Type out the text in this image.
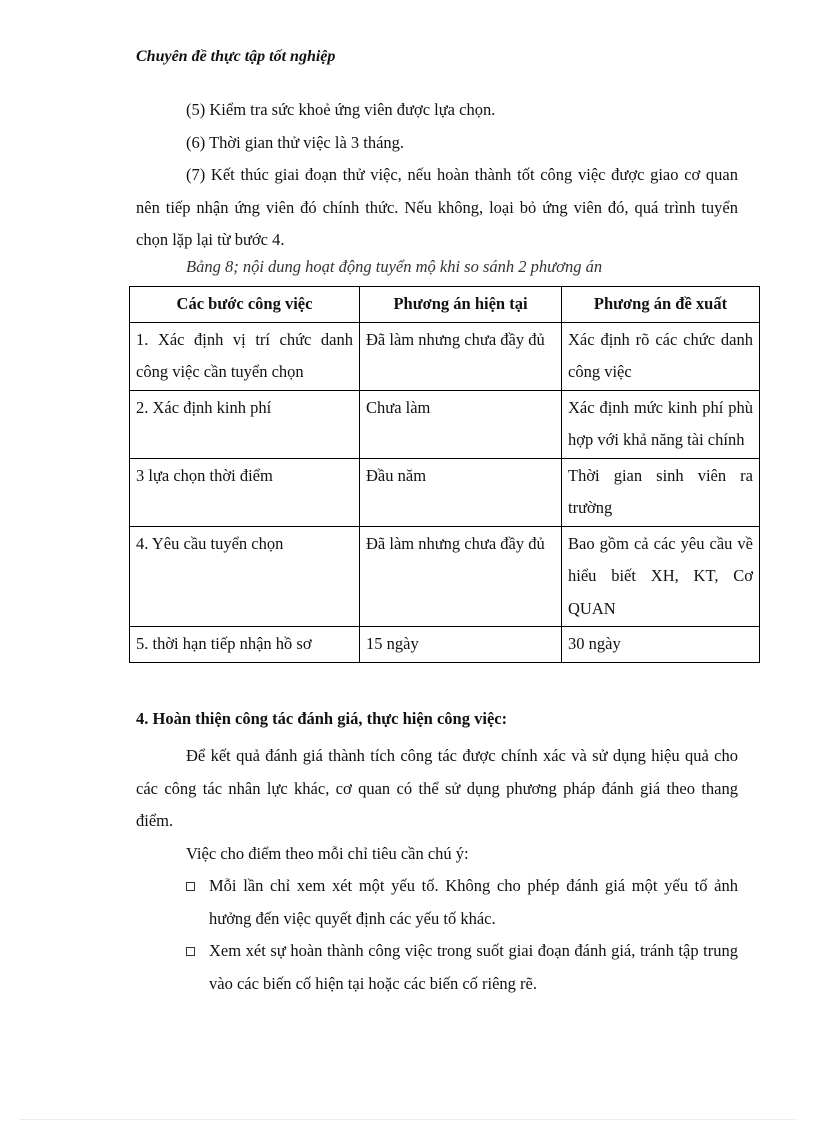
Chuyên đề thực tập tốt nghiệp

(5) Kiểm tra sức khoẻ ứng viên được lựa chọn.

(6) Thời gian thử việc là 3 tháng.

(7) Kết thúc giai đoạn thử việc, nếu hoàn thành tốt công việc được giao cơ quan nên tiếp nhận ứng viên đó chính thức. Nếu không, loại bỏ ứng viên đó, quá trình tuyển chọn lặp lại từ bước 4.

Bảng 8; nội dung hoạt động tuyển mộ khi so sánh 2 phương án
Các bước công việc	Phương án hiện tại	Phương án đề xuất
1. Xác định vị trí chức danh công việc cần tuyển chọn	Đã làm nhưng chưa đầy đủ	Xác định rõ các chức danh công việc
2. Xác định kinh phí	Chưa làm	Xác định mức kinh phí phù hợp với khả năng tài chính
3 lựa chọn thời điểm	Đầu năm	Thời gian sinh viên ra trường
4. Yêu cầu tuyển chọn	Đã làm nhưng chưa đầy đủ	Bao gồm cả các yêu cầu về hiểu biết XH, KT, Cơ QUAN
5. thời hạn tiếp nhận hồ sơ	15 ngày	30 ngày
4. Hoàn thiện công tác đánh giá, thực hiện công việc:

Để kết quả đánh giá thành tích công tác được chính xác và sử dụng hiệu quả cho các công tác nhân lực khác, cơ quan có thể sử dụng phương pháp đánh giá theo thang điểm.

Việc cho điểm theo mỗi chỉ tiêu cần chú ý:

Mỗi lần chỉ xem xét một yếu tố. Không cho phép đánh giá một yếu tố ảnh hưởng đến việc quyết định các yếu tố khác.
Xem xét sự hoàn thành công việc trong suốt giai đoạn đánh giá, tránh tập trung vào các biến cố hiện tại hoặc các biến cố riêng rẽ.
